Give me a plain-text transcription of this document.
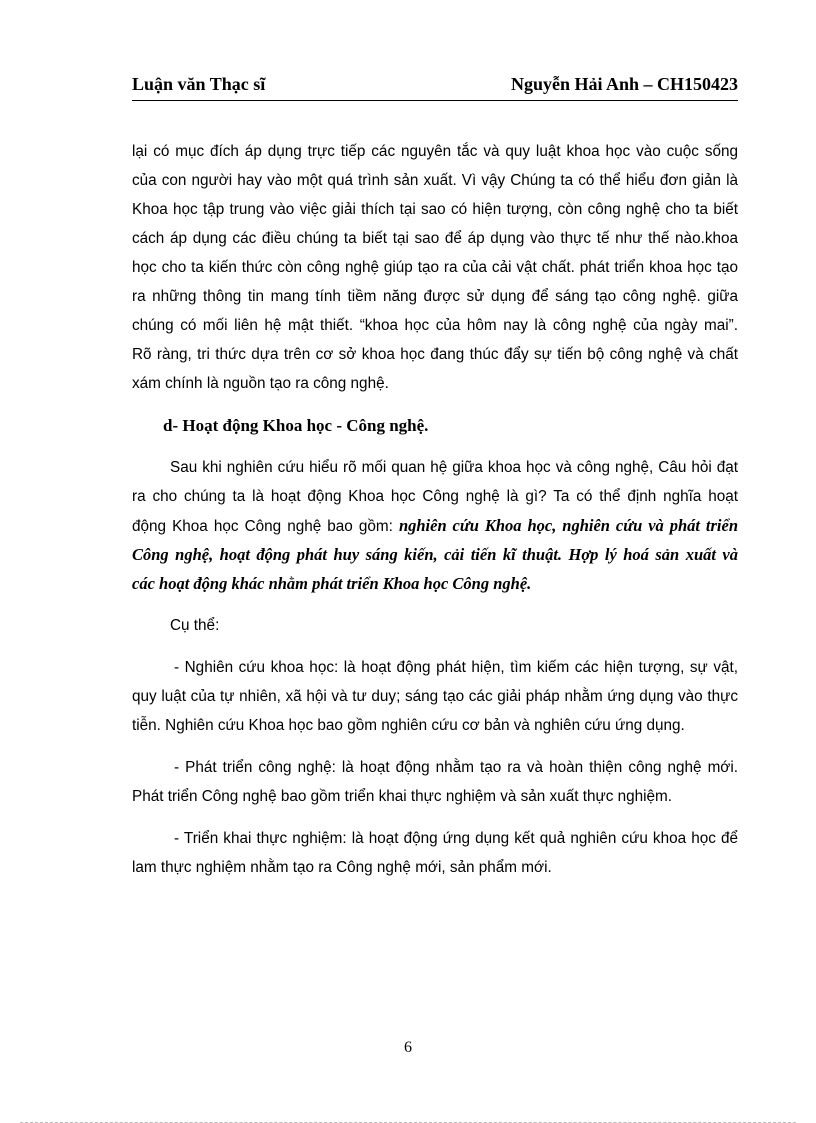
Luận văn Thạc sĩ	Nguyễn Hải Anh – CH150423
lại có mục đích áp dụng trực tiếp các nguyên tắc và quy luật khoa học vào cuộc sống
của con người hay vào một quá trình sản xuất. Vì vậy Chúng ta có thể hiểu đơn giản là
Khoa học tập trung vào việc giải thích tại sao có hiện tượng, còn công nghệ cho ta biết
cách áp dụng các điều chúng ta biết tại sao để áp dụng vào thực tế như thế nào.khoa
học cho ta kiến thức còn công nghệ giúp tạo ra của cải vật chất. phát triển khoa học tạo
ra những thông tin mang tính tiềm năng được sử dụng để sáng tạo công nghệ. giữa
chúng có mối liên hệ mật thiết. “khoa học của hôm nay là công nghệ của ngày mai”.
Rõ ràng, tri thức dựa trên cơ sở khoa học đang thúc đẩy sự tiến bộ công nghệ và chất
xám chính là nguồn tạo ra công nghệ.
d- Hoạt động Khoa học - Công nghệ.
Sau khi nghiên cứu hiểu rõ mối quan hệ giữa khoa học và công nghệ, Câu hỏi đạt
ra cho chúng ta là hoạt động Khoa học Công nghệ là gì? Ta có thể định nghĩa hoạt
động Khoa học Công nghệ bao gồm: nghiên cứu Khoa học, nghiên cứu và phát triển
Công nghệ, hoạt động phát huy sáng kiến, cải tiến kĩ thuật. Hợp lý hoá sản xuất và
các hoạt động khác nhằm phát triển Khoa học Công nghệ.
Cụ thể:
- Nghiên cứu khoa học: là hoạt động phát hiện, tìm kiếm các hiện tượng, sự vật,
quy luật của tự nhiên, xã hội và tư duy; sáng tạo các giải pháp nhằm ứng dụng vào thực
tiễn. Nghiên cứu Khoa học bao gồm nghiên cứu cơ bản và nghiên cứu ứng dụng.
- Phát triển công nghệ: là hoạt động nhằm tạo ra và hoàn thiện công nghệ mới.
Phát triển Công nghệ bao gồm triển khai thực nghiệm và sản xuất thực nghiệm.
- Triển khai thực nghiệm: là hoạt động ứng dụng kết quả nghiên cứu khoa học để
lam thực nghiệm nhằm tạo ra Công nghệ mới, sản phẩm mới.
6
